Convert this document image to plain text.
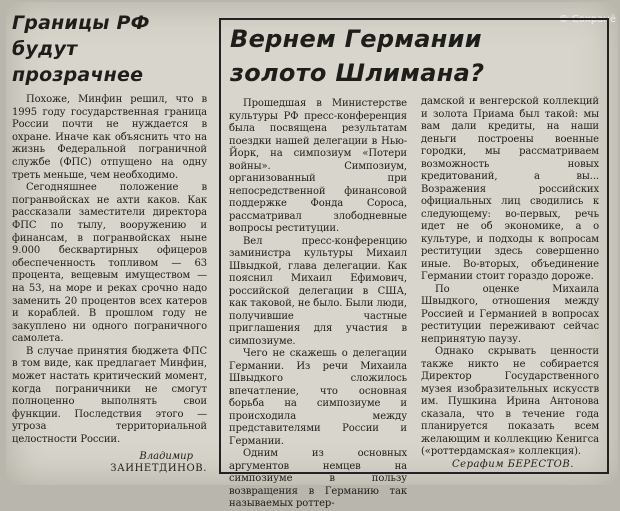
© Сохранё
Границы РФ
будут прозрачнее

Похоже, Минфин решил, что в 1995 году государственная граница России почти не нуждается в охране. Иначе как объяснить что на жизнь Федеральной пограничной службе (ФПС) отпущено на одну треть меньше, чем необходимо.

Сегодняшнее положение в погранвойсках не ахти каков. Как рассказали заместители директора ФПС по тылу, вооружению и финансам, в погранвойсках ныне 9.000 бесквартирных офицеров обеспеченность топливом — 63 процента, вещевым имуществом — на 53, на море и реках срочно надо заменить 20 процентов всех катеров и кораблей. В прошлом году не закуплено ни одного пограничного самолета.

В случае принятия бюджета ФПС в том виде, как предлагает Минфин, может настать критический момент, когда пограничники не смогут полноценно выполнять свои функции. Последствия этого — угроза территориальной целостности России.

Владимир
ЗАИНЕТДИНОВ.
Вернем Германии
золото Шлимана?

Прошедшая в Министерстве культуры РФ пресс-конференция была посвящена результатам поездки нашей делегации в Нью-Йорк, на симпозиум «Потери войны». Симпозиум, организованный при непосредственной финансовой поддержке Фонда Сороса, рассматривал злободневные вопросы реституции.

Вел пресс-конференцию заминистра культуры Михаил Швыдкой, глава делегации. Как пояснил Михаил Ефимович, российской делегации в США, как таковой, не было. Были люди, получившие частные приглашения для участия в симпозиуме.

Чего не скажешь о делегации Германии. Из речи Михаила Швыдкого сложилось впечатление, что основная борьба на симпозиуме и происходила между представителями России и Германии.

Одним из основных аргументов немцев на симпозиуме в пользу возвращения в Германию так называемых роттер-

дамской и венгерской коллекций и золота Приама был такой: мы вам дали кредиты, на наши деньги построены военные городки, мы рассматриваем возможность новых кредитований, а вы... Возражения российских официальных лиц сводились к следующему: во-первых, речь идет не об экономике, а о культуре, и подходы к вопросам реституции здесь совершенно иные. Во-вторых, объединение Германии стоит гораздо дороже.

По оценке Михаила Швыдкого, отношения между Россией и Германией в вопросах реституции переживают сейчас непринятую паузу.

Однако скрывать ценности также никто не собирается Директор Государственного музея изобразительных искусств им. Пушкина Ирина Антонова сказала, что в течение года планируется показать всем желающим и коллекцию Кенигса («роттердамская» коллекция).

Серафим БЕРЕСТОВ.
